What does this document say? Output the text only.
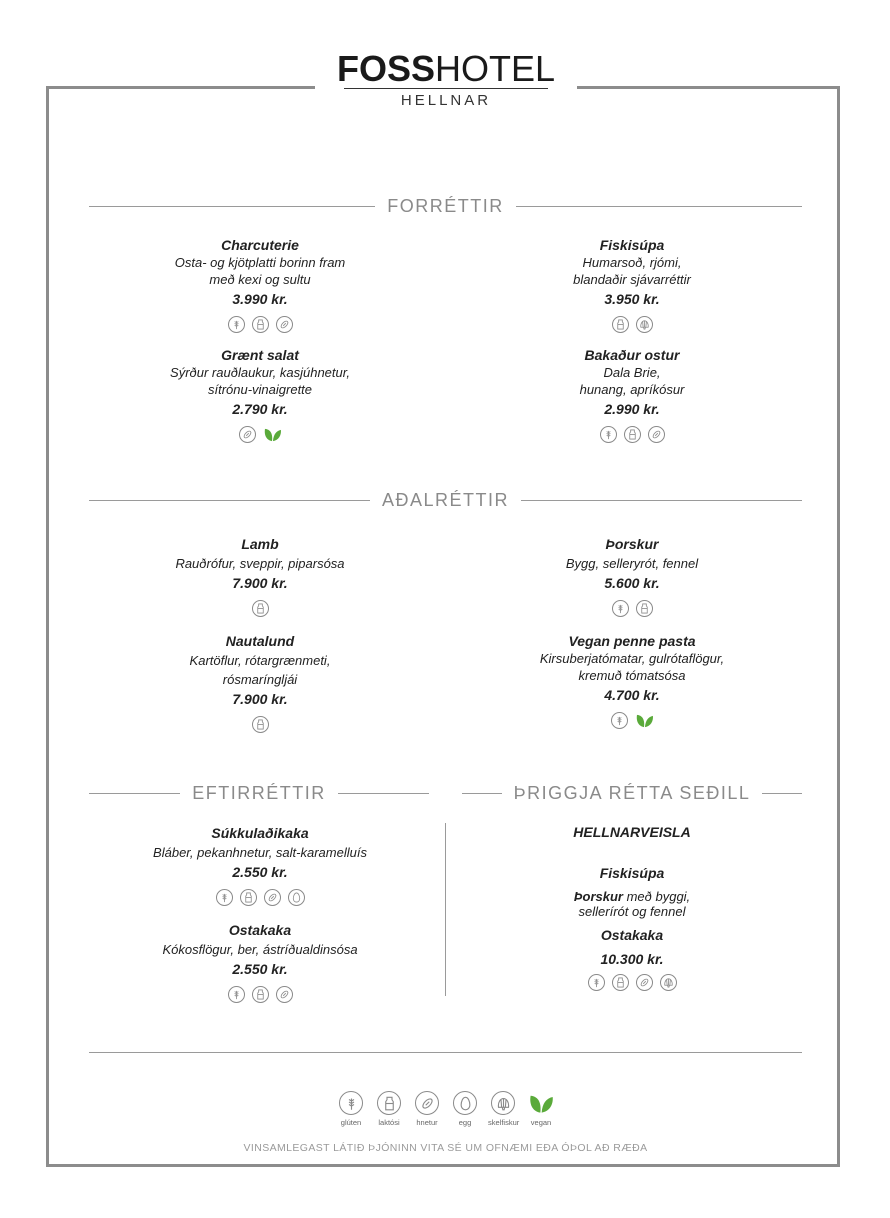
FOSSHOTEL
HELLNAR
FORRÉTTIR
Charcuterie
Osta- og kjötplatti borinn fram
með kexi og sultu
3.990 kr.
Fiskisúpa
Humarsoð, rjómi,
blandaðir sjávarréttir
3.950 kr.
Grænt salat
Sýrður rauðlaukur, kasjúhnetur,
sítrónu-vinaigrette
2.790 kr.
Bakaður ostur
Dala Brie,
hunang, apríkósur
2.990 kr.
AÐALRÉTTIR
Lamb
Rauðrófur, sveppir, piparsósa
7.900 kr.
Þorskur
Bygg, selleryrót, fennel
5.600 kr.
Nautalund
Kartöflur, rótargrænmeti,
rósmaríngljái
7.900 kr.
Vegan penne pasta
Kirsuberjatómatar, gulrótaflögur,
kremuð tómatsósa
4.700 kr.
EFTIRRÉTTIR	ÞRIGGJA RÉTTA SEÐILL
Súkkulaðikaka
Bláber, pekanhnetur, salt-karamelluís
2.550 kr.
Ostakaka
Kókosflögur, ber, ástríðualdinsósa
2.550 kr.
HELLNARVEISLA
Fiskisúpa
Þorskur með byggi,
sellerírót og fennel
Ostakaka
10.300 kr.
glúten	laktósi	hnetur	egg	skelfiskur	vegan
VINSAMLEGAST LÁTIÐ ÞJÓNINN VITA SÉ UM OFNÆMI EÐA ÓÞOL AÐ RÆÐA
